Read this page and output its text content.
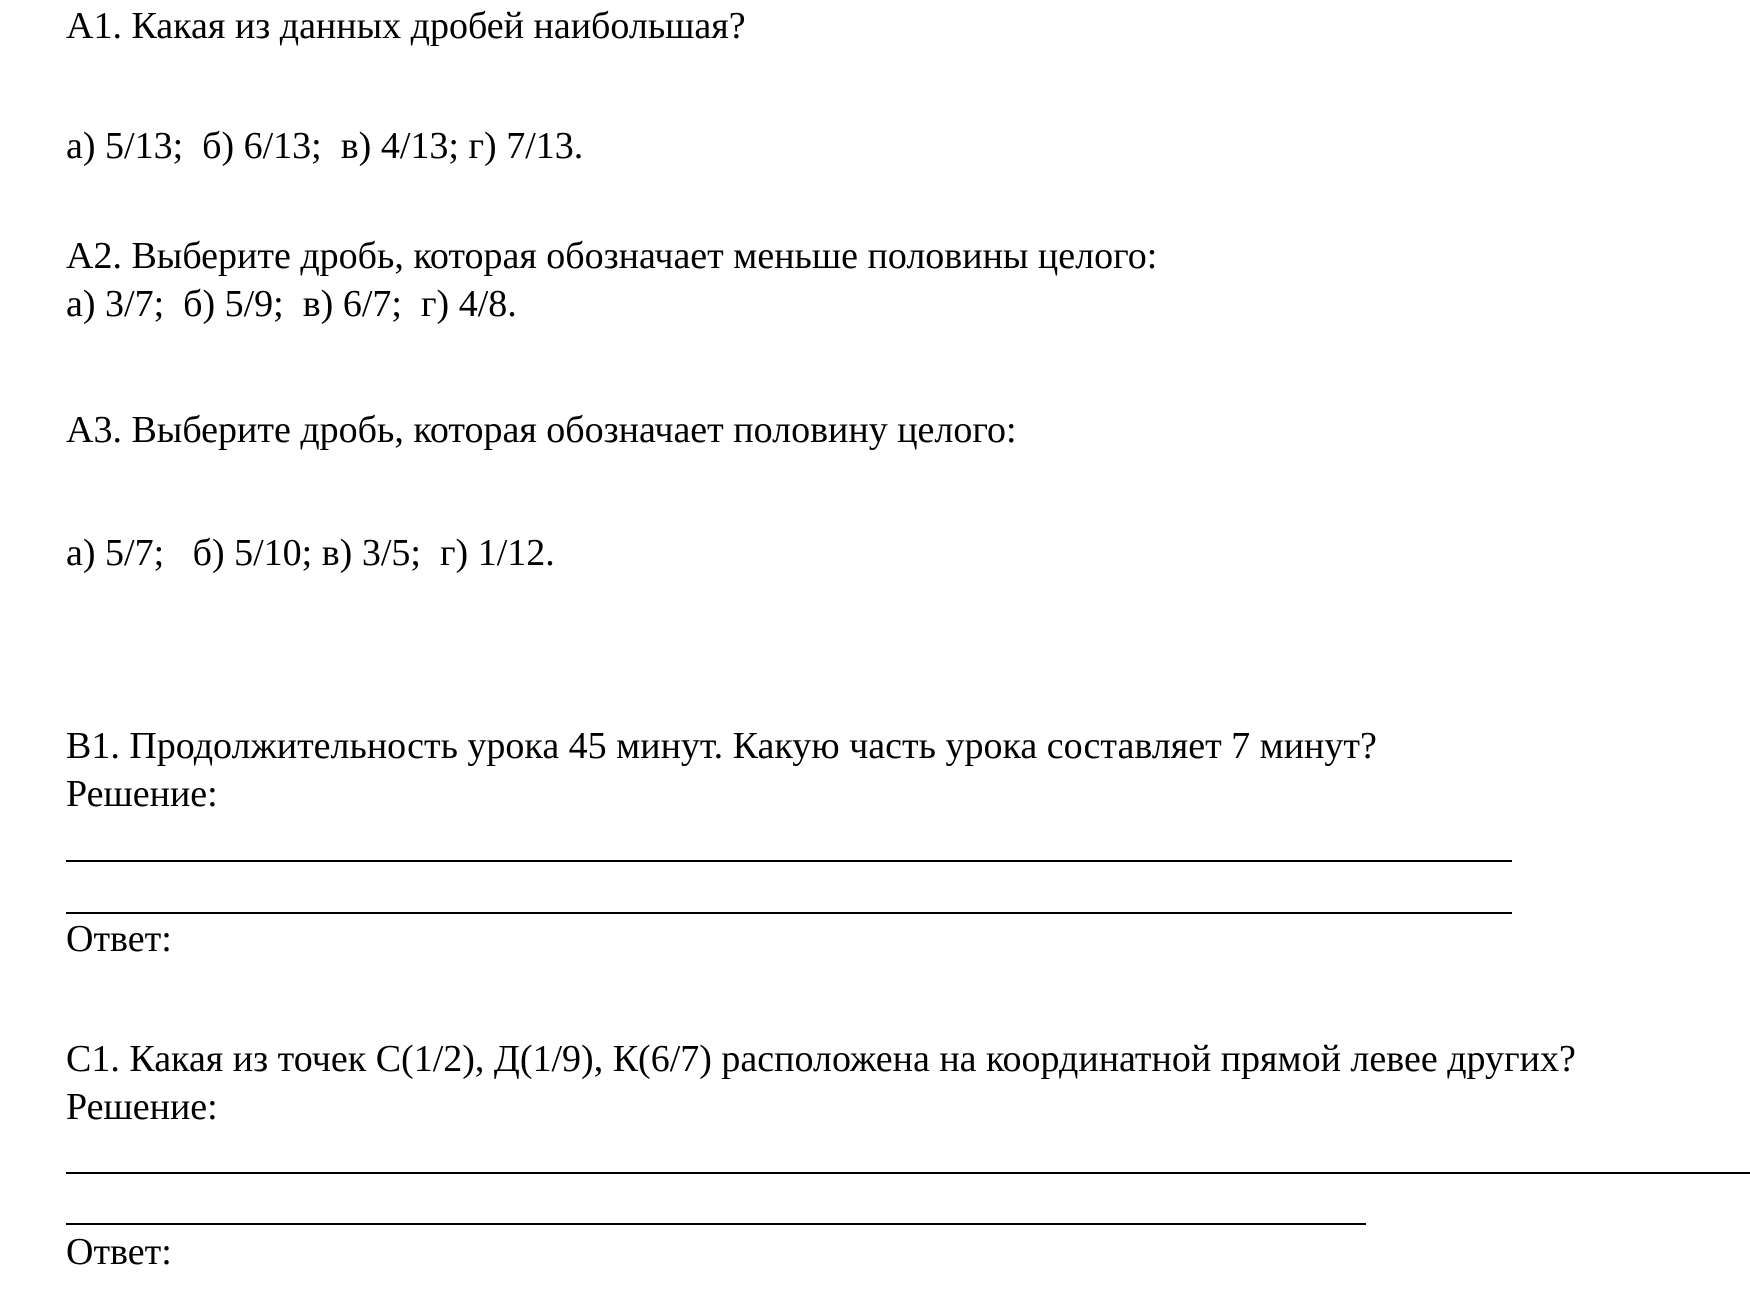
А1. Какая из данных дробей наибольшая?
а) 5/13;  б) 6/13;  в) 4/13; г) 7/13.
А2. Выберите дробь, которая обозначает меньше половины целого:
а) 3/7;  б) 5/9;  в) 6/7;  г) 4/8.
А3. Выберите дробь, которая обозначает половину целого:
а) 5/7;   б) 5/10; в) 3/5;  г) 1/12.
В1. Продолжительность урока 45 минут. Какую часть урока составляет 7 минут?
Решение:
Ответ:
С1. Какая из точек С(1/2), Д(1/9), К(6/7) расположена на координатной прямой левее других?
Решение:
Ответ:
